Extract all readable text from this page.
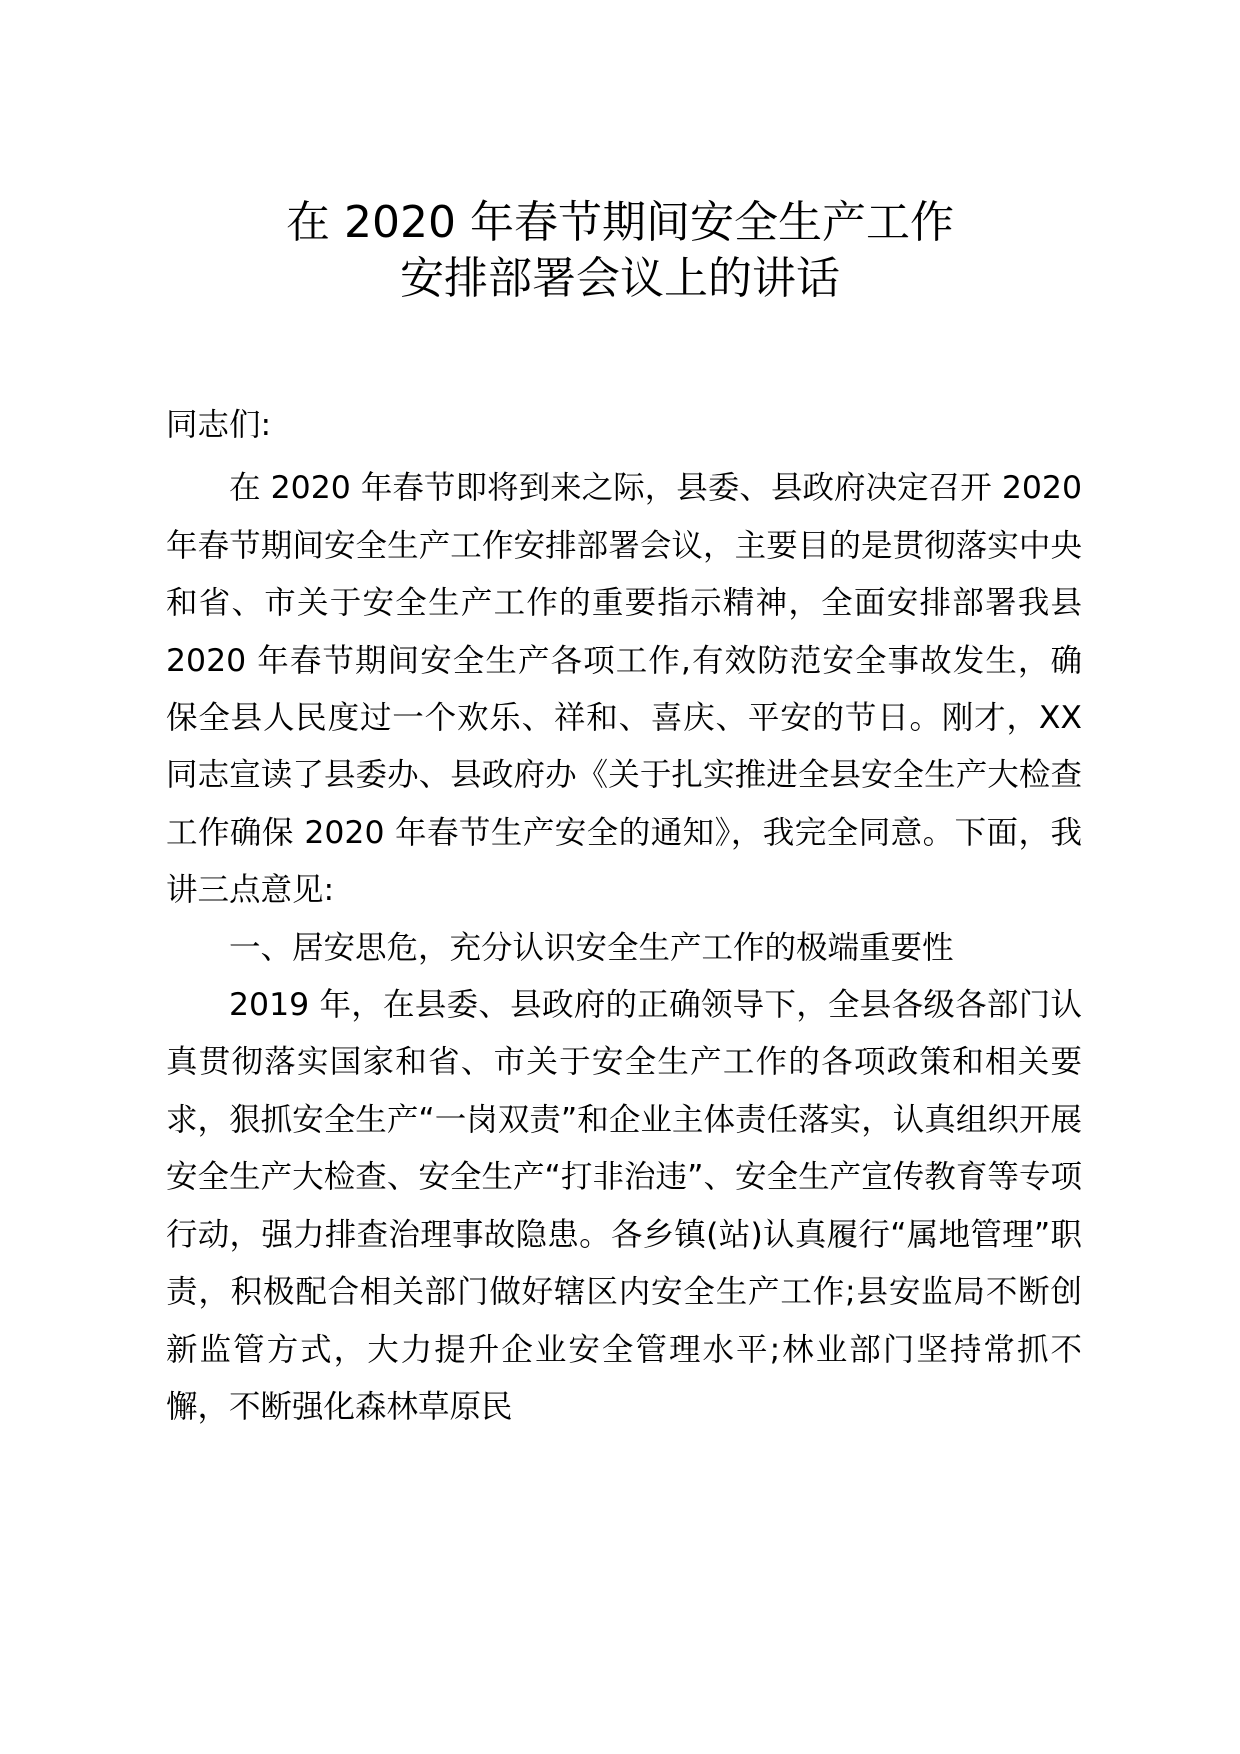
在 2020 年春节期间安全生产工作
安排部署会议上的讲话

同志们:

在 2020 年春节即将到来之际，县委、县政府决定召开 2020 年春节期间安全生产工作安排部署会议，主要目的是贯彻落实中央和省、市关于安全生产工作的重要指示精神，全面安排部署我县 2020 年春节期间安全生产各项工作,有效防范安全事故发生，确保全县人民度过一个欢乐、祥和、喜庆、平安的节日。刚才，XX 同志宣读了县委办、县政府办《关于扎实推进全县安全生产大检查工作确保 2020 年春节生产安全的通知》，我完全同意。下面，我讲三点意见:

一、居安思危，充分认识安全生产工作的极端重要性

2019 年，在县委、县政府的正确领导下，全县各级各部门认真贯彻落实国家和省、市关于安全生产工作的各项政策和相关要求，狠抓安全生产“一岗双责”和企业主体责任落实，认真组织开展安全生产大检查、安全生产“打非治违”、安全生产宣传教育等专项行动，强力排查治理事故隐患。各乡镇(站)认真履行“属地管理”职责，积极配合相关部门做好辖区内安全生产工作;县安监局不断创新监管方式，大力提升企业安全管理水平;林业部门坚持常抓不懈，不断强化森林草原民
